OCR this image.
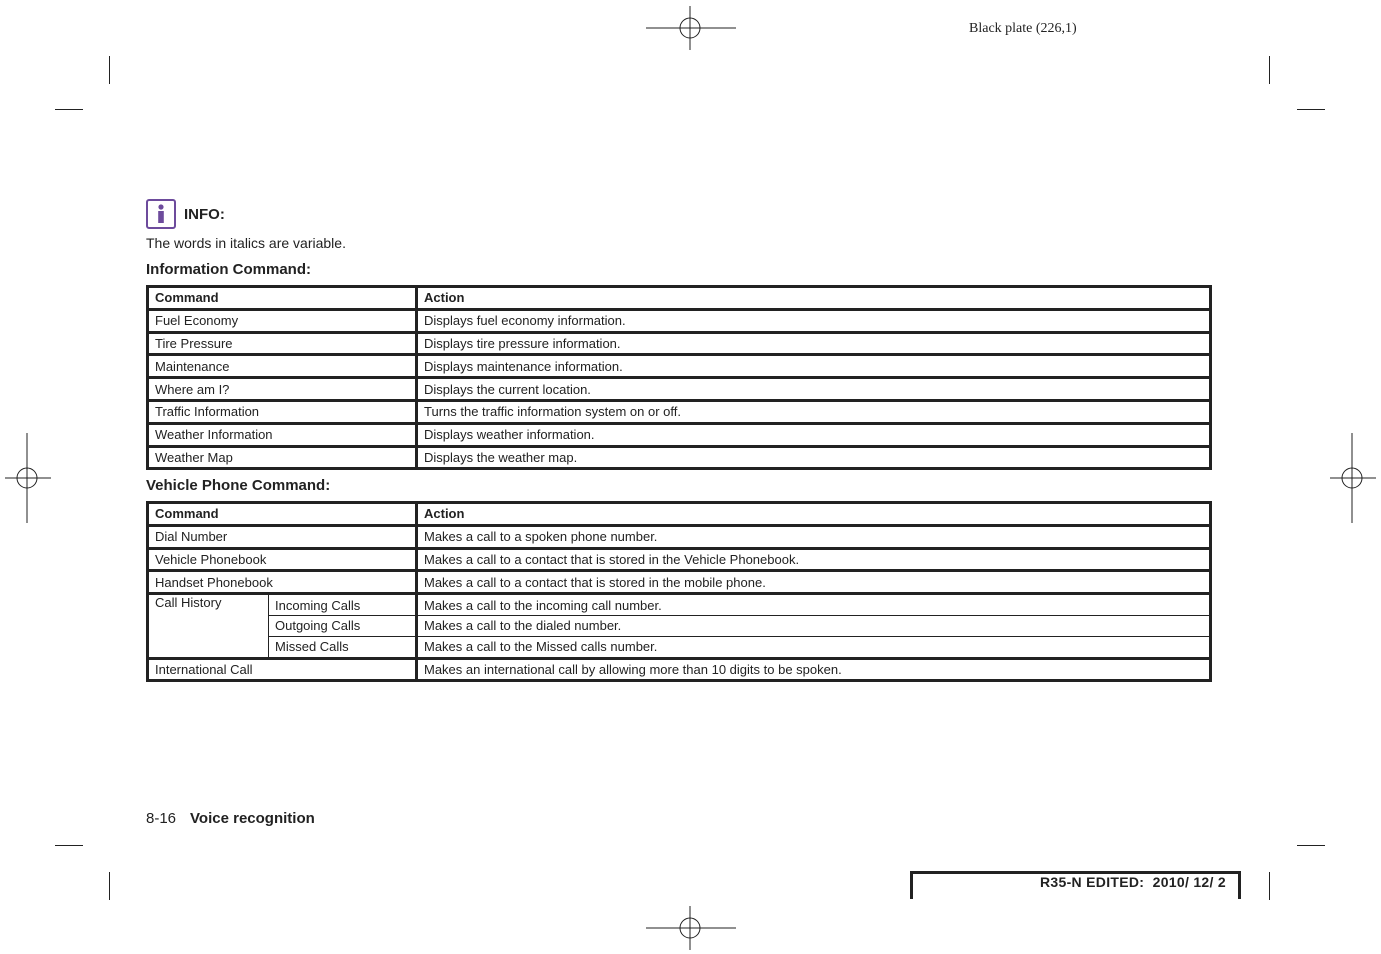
Black plate (226,1)
INFO:
The words in italics are variable.
Information Command:
Command	Action
Fuel Economy	Displays fuel economy information.
Tire Pressure	Displays tire pressure information.
Maintenance	Displays maintenance information.
Where am I?	Displays the current location.
Traffic Information	Turns the traffic information system on or off.
Weather Information	Displays weather information.
Weather Map	Displays the weather map.
Vehicle Phone Command:
Command		Action
Dial Number		Makes a call to a spoken phone number.
Vehicle Phonebook		Makes a call to a contact that is stored in the Vehicle Phonebook.
Handset Phonebook		Makes a call to a contact that is stored in the mobile phone.
Call History	Incoming Calls	Makes a call to the incoming call number.
	Outgoing Calls	Makes a call to the dialed number.
	Missed Calls	Makes a call to the Missed calls number.
International Call		Makes an international call by allowing more than 10 digits to be spoken.
8-16 Voice recognition
R35-N EDITED:  2010/ 12/ 2
